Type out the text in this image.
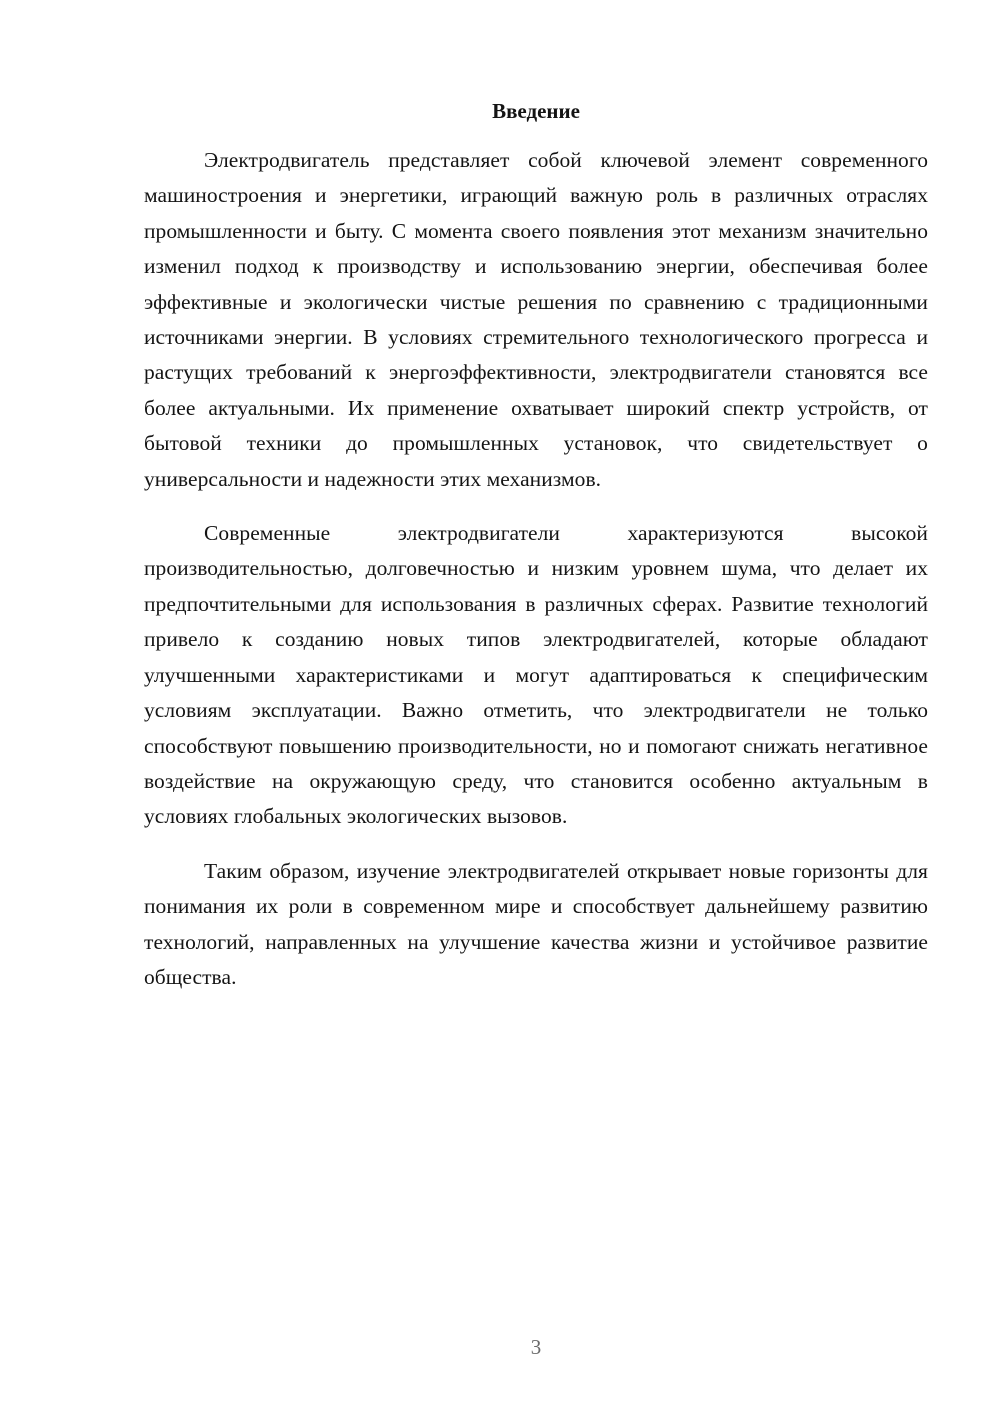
Введение

Электродвигатель представляет собой ключевой элемент современного машиностроения и энергетики, играющий важную роль в различных отраслях промышленности и быту. С момента своего появления этот механизм значительно изменил подход к производству и использованию энергии, обеспечивая более эффективные и экологически чистые решения по сравнению с традиционными источниками энергии. В условиях стремительного технологического прогресса и растущих требований к энергоэффективности, электродвигатели становятся все более актуальными. Их применение охватывает широкий спектр устройств, от бытовой техники до промышленных установок, что свидетельствует о универсальности и надежности этих механизмов.

Современные электродвигатели характеризуются высокой производительностью, долговечностью и низким уровнем шума, что делает их предпочтительными для использования в различных сферах. Развитие технологий привело к созданию новых типов электродвигателей, которые обладают улучшенными характеристиками и могут адаптироваться к специфическим условиям эксплуатации. Важно отметить, что электродвигатели не только способствуют повышению производительности, но и помогают снижать негативное воздействие на окружающую среду, что становится особенно актуальным в условиях глобальных экологических вызовов.

Таким образом, изучение электродвигателей открывает новые горизонты для понимания их роли в современном мире и способствует дальнейшему развитию технологий, направленных на улучшение качества жизни и устойчивое развитие общества.

3
